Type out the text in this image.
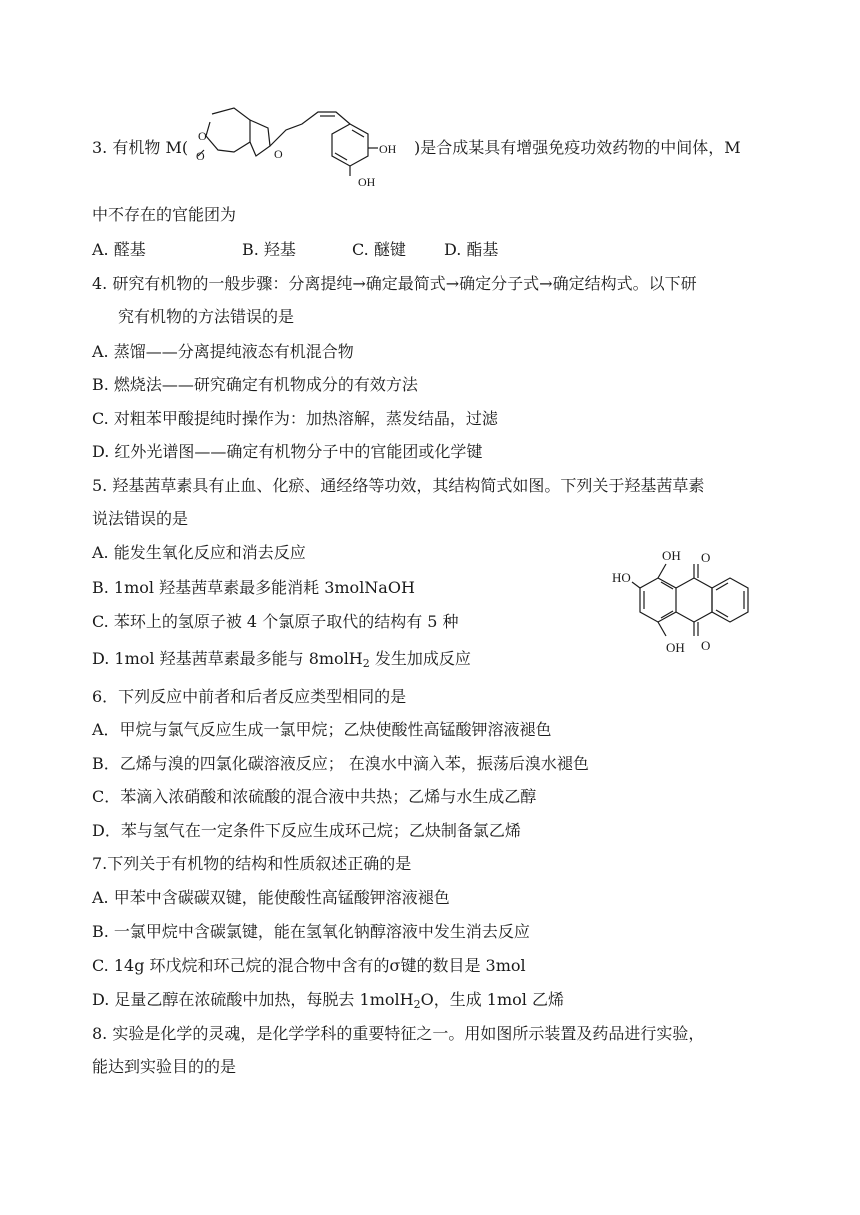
3. 有机物 M(
O
O	O	OH
OH
)是合成某具有增强免疫功效药物的中间体，M
中不存在的官能团为
A. 醛基	B. 羟基	C. 醚键 D. 酯基
4. 研究有机物的一般步骤：分离提纯→确定最简式→确定分子式→确定结构式。以下研
究有机物的方法错误的是
A. 蒸馏——分离提纯液态有机混合物
B. 燃烧法——研究确定有机物成分的有效方法
C. 对粗苯甲酸提纯时操作为：加热溶解，蒸发结晶，过滤
D. 红外光谱图——确定有机物分子中的官能团或化学键
5. 羟基茜草素具有止血、化瘀、通经络等功效，其结构简式如图。下列关于羟基茜草素
说法错误的是
A. 能发生氧化反应和消去反应
B. 1mol 羟基茜草素最多能消耗 3molNaOH
C. 苯环上的氢原子被 4 个氯原子取代的结构有 5 种
D. 1mol 羟基茜草素最多能与 8molH$_2$ 发生加成反应
OH O
HO
OH O
6．下列反应中前者和后者反应类型相同的是
A．甲烷与氯气反应生成一氯甲烷；乙炔使酸性高锰酸钾溶液褪色
B．乙烯与溴的四氯化碳溶液反应； 在溴水中滴入苯，振荡后溴水褪色
C．苯滴入浓硝酸和浓硫酸的混合液中共热；乙烯与水生成乙醇
D．苯与氢气在一定条件下反应生成环己烷；乙炔制备氯乙烯
7.下列关于有机物的结构和性质叙述正确的是
A. 甲苯中含碳碳双键，能使酸性高锰酸钾溶液褪色
B. 一氯甲烷中含碳氯键，能在氢氧化钠醇溶液中发生消去反应
C. 14g 环戊烷和环己烷的混合物中含有的σ键的数目是 3mol
D. 足量乙醇在浓硫酸中加热，每脱去 1molH$_2$O，生成 1mol 乙烯
8. 实验是化学的灵魂，是化学学科的重要特征之一。用如图所示装置及药品进行实验，
能达到实验目的的是
